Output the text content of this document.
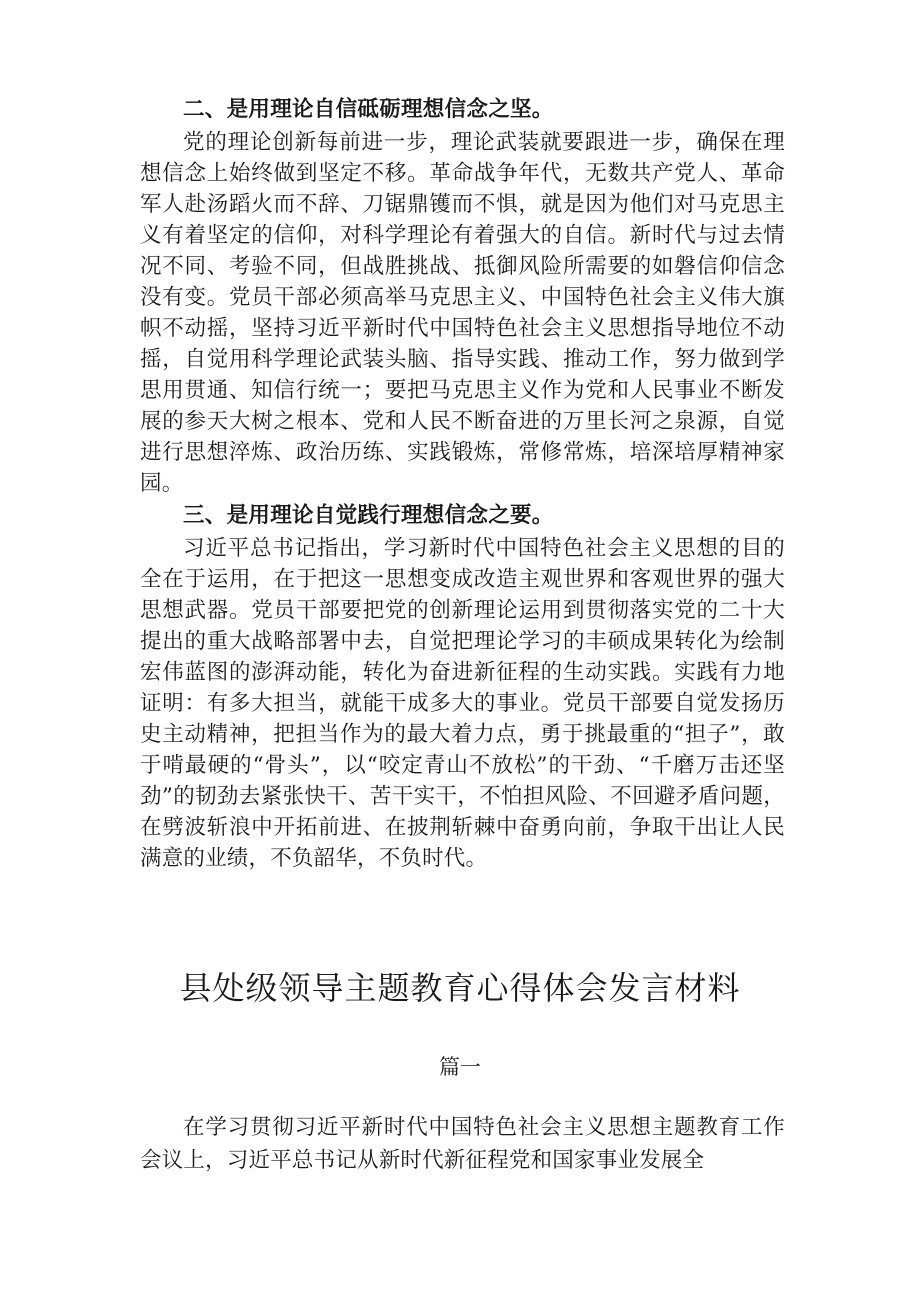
二、是用理论自信砥砺理想信念之坚。

党的理论创新每前进一步，理论武装就要跟进一步，确保在理想信念上始终做到坚定不移。革命战争年代，无数共产党人、革命军人赴汤蹈火而不辞、刀锯鼎镬而不惧，就是因为他们对马克思主义有着坚定的信仰，对科学理论有着强大的自信。新时代与过去情况不同、考验不同，但战胜挑战、抵御风险所需要的如磐信仰信念没有变。党员干部必须高举马克思主义、中国特色社会主义伟大旗帜不动摇，坚持习近平新时代中国特色社会主义思想指导地位不动摇，自觉用科学理论武装头脑、指导实践、推动工作，努力做到学思用贯通、知信行统一；要把马克思主义作为党和人民事业不断发展的参天大树之根本、党和人民不断奋进的万里长河之泉源，自觉进行思想淬炼、政治历练、实践锻炼，常修常炼，培深培厚精神家园。

三、是用理论自觉践行理想信念之要。

习近平总书记指出，学习新时代中国特色社会主义思想的目的全在于运用，在于把这一思想变成改造主观世界和客观世界的强大思想武器。党员干部要把党的创新理论运用到贯彻落实党的二十大提出的重大战略部署中去，自觉把理论学习的丰硕成果转化为绘制宏伟蓝图的澎湃动能，转化为奋进新征程的生动实践。实践有力地证明：有多大担当，就能干成多大的事业。党员干部要自觉发扬历史主动精神，把担当作为的最大着力点，勇于挑最重的“担子”，敢于啃最硬的“骨头”，以“咬定青山不放松”的干劲、“千磨万击还坚劲”的韧劲去紧张快干、苦干实干，不怕担风险、不回避矛盾问题，在劈波斩浪中开拓前进、在披荆斩棘中奋勇向前，争取干出让人民满意的业绩，不负韶华，不负时代。

县处级领导主题教育心得体会发言材料
篇一

在学习贯彻习近平新时代中国特色社会主义思想主题教育工作会议上，习近平总书记从新时代新征程党和国家事业发展全
